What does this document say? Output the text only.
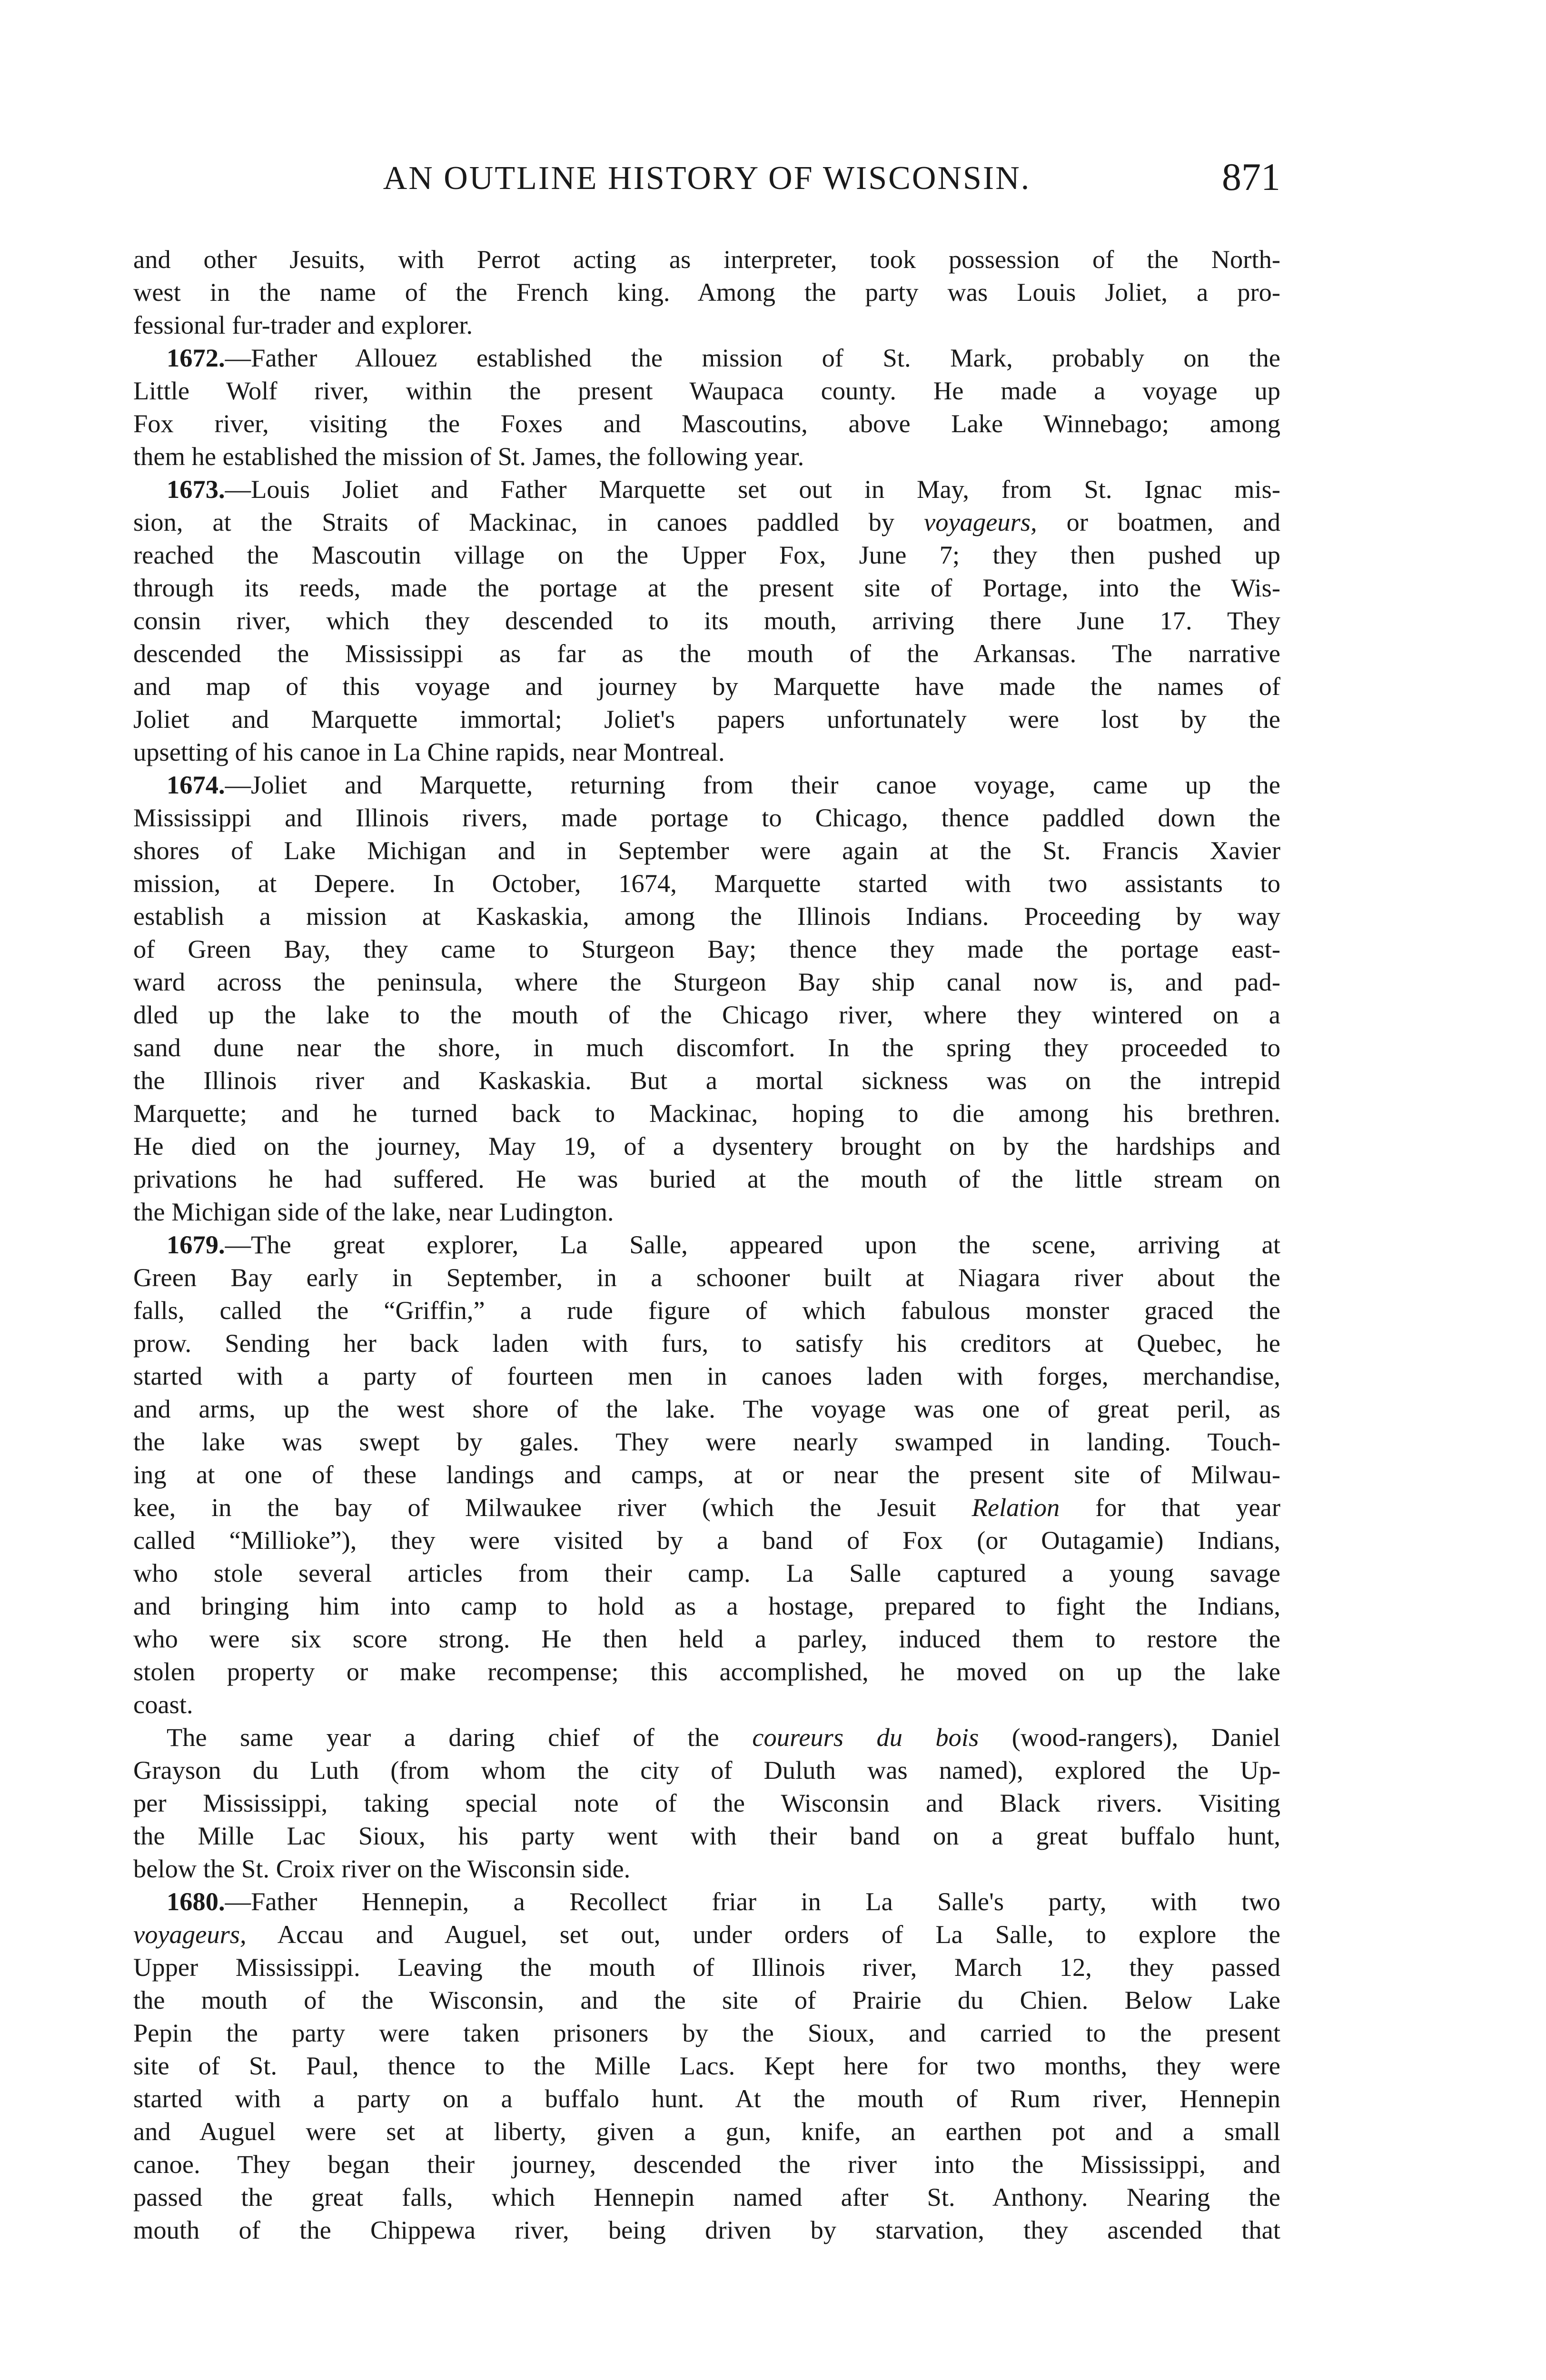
AN OUTLINE HISTORY OF WISCONSIN.	871

and other Jesuits, with Perrot acting as interpreter, took possession of the North-

west in the name of the French king. Among the party was Louis Joliet, a pro-

fessional fur-trader and explorer.

1672.—Father Allouez established the mission of St. Mark, probably on the

Little Wolf river, within the present Waupaca county. He made a voyage up

Fox river, visiting the Foxes and Mascoutins, above Lake Winnebago; among

them he established the mission of St. James, the following year.

1673.—Louis Joliet and Father Marquette set out in May, from St. Ignac mis-

sion, at the Straits of Mackinac, in canoes paddled by voyageurs, or boatmen, and

reached the Mascoutin village on the Upper Fox, June 7; they then pushed up

through its reeds, made the portage at the present site of Portage, into the Wis-

consin river, which they descended to its mouth, arriving there June 17. They

descended the Mississippi as far as the mouth of the Arkansas. The narrative

and map of this voyage and journey by Marquette have made the names of

Joliet and Marquette immortal; Joliet's papers unfortunately were lost by the

upsetting of his canoe in La Chine rapids, near Montreal.

1674.—Joliet and Marquette, returning from their canoe voyage, came up the

Mississippi and Illinois rivers, made portage to Chicago, thence paddled down the

shores of Lake Michigan and in September were again at the St. Francis Xavier

mission, at Depere. In October, 1674, Marquette started with two assistants to

establish a mission at Kaskaskia, among the Illinois Indians. Proceeding by way

of Green Bay, they came to Sturgeon Bay; thence they made the portage east-

ward across the peninsula, where the Sturgeon Bay ship canal now is, and pad-

dled up the lake to the mouth of the Chicago river, where they wintered on a

sand dune near the shore, in much discomfort. In the spring they proceeded to

the Illinois river and Kaskaskia. But a mortal sickness was on the intrepid

Marquette; and he turned back to Mackinac, hoping to die among his brethren.

He died on the journey, May 19, of a dysentery brought on by the hardships and

privations he had suffered. He was buried at the mouth of the little stream on

the Michigan side of the lake, near Ludington.

1679.—The great explorer, La Salle, appeared upon the scene, arriving at

Green Bay early in September, in a schooner built at Niagara river about the

falls, called the “Griffin,” a rude figure of which fabulous monster graced the

prow. Sending her back laden with furs, to satisfy his creditors at Quebec, he

started with a party of fourteen men in canoes laden with forges, merchandise,

and arms, up the west shore of the lake. The voyage was one of great peril, as

the lake was swept by gales. They were nearly swamped in landing. Touch-

ing at one of these landings and camps, at or near the present site of Milwau-

kee, in the bay of Milwaukee river (which the Jesuit Relation for that year

called “Millioke”), they were visited by a band of Fox (or Outagamie) Indians,

who stole several articles from their camp. La Salle captured a young savage

and bringing him into camp to hold as a hostage, prepared to fight the Indians,

who were six score strong. He then held a parley, induced them to restore the

stolen property or make recompense; this accomplished, he moved on up the lake

coast.

The same year a daring chief of the coureurs du bois (wood-rangers), Daniel

Grayson du Luth (from whom the city of Duluth was named), explored the Up-

per Mississippi, taking special note of the Wisconsin and Black rivers. Visiting

the Mille Lac Sioux, his party went with their band on a great buffalo hunt,

below the St. Croix river on the Wisconsin side.

1680.—Father Hennepin, a Recollect friar in La Salle's party, with two

voyageurs, Accau and Auguel, set out, under orders of La Salle, to explore the

Upper Mississippi. Leaving the mouth of Illinois river, March 12, they passed

the mouth of the Wisconsin, and the site of Prairie du Chien. Below Lake

Pepin the party were taken prisoners by the Sioux, and carried to the present

site of St. Paul, thence to the Mille Lacs. Kept here for two months, they were

started with a party on a buffalo hunt. At the mouth of Rum river, Hennepin

and Auguel were set at liberty, given a gun, knife, an earthen pot and a small

canoe. They began their journey, descended the river into the Mississippi, and

passed the great falls, which Hennepin named after St. Anthony. Nearing the

mouth of the Chippewa river, being driven by starvation, they ascended that
